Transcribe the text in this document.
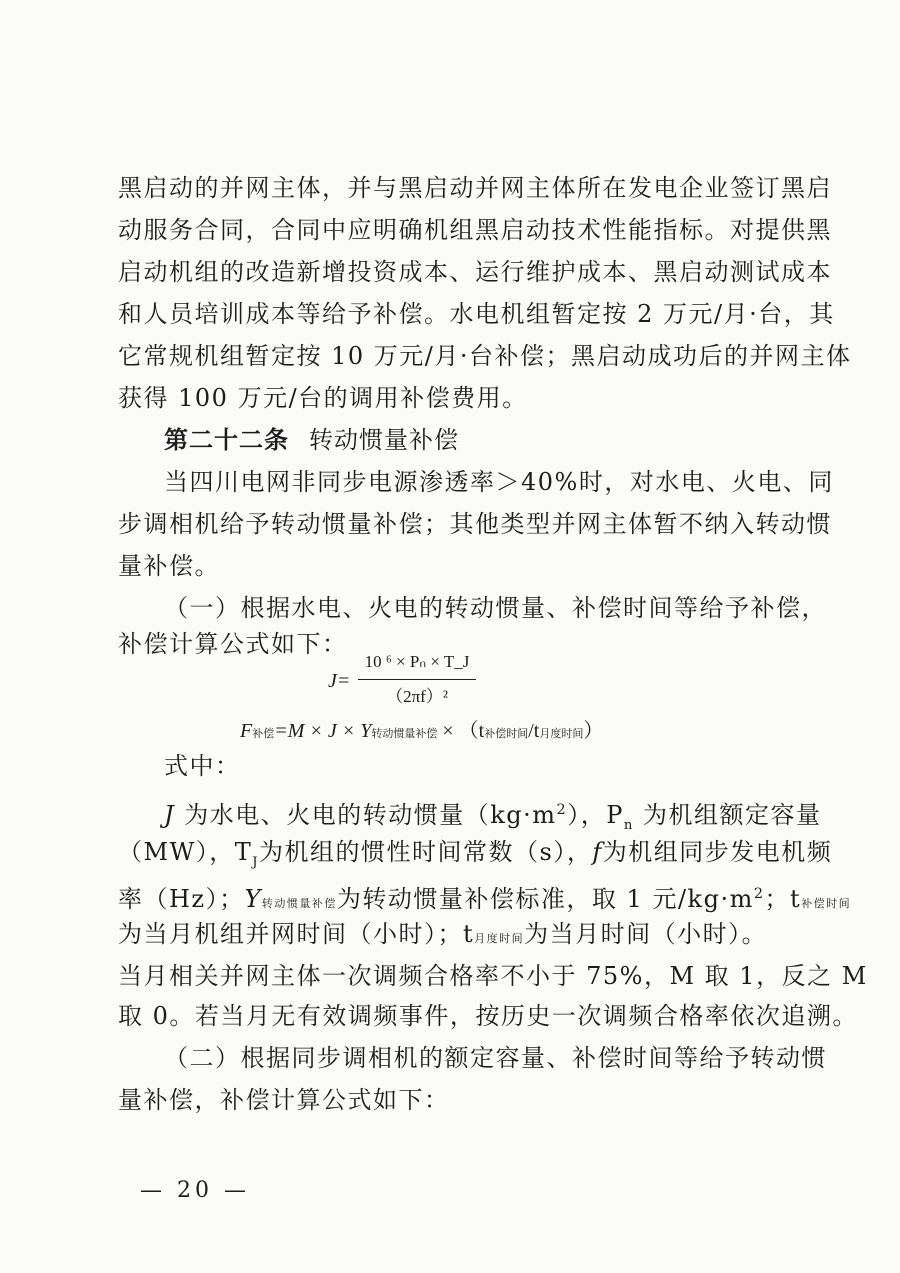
黑启动的并网主体，并与黑启动并网主体所在发电企业签订黑启
动服务合同，合同中应明确机组黑启动技术性能指标。对提供黑
启动机组的改造新增投资成本、运行维护成本、黑启动测试成本
和人员培训成本等给予补偿。水电机组暂定按 2 万元/月·台，其
它常规机组暂定按 10 万元/月·台补偿；黑启动成功后的并网主体
获得 100 万元/台的调用补偿费用。
第二十二条 转动惯量补偿
当四川电网非同步电源渗透率＞40%时，对水电、火电、同
步调相机给予转动惯量补偿；其他类型并网主体暂不纳入转动惯
量补偿。
（一）根据水电、火电的转动惯量、补偿时间等给予补偿，
补偿计算公式如下：
J=
10 ⁶ × Pₙ × T_J
（2πf）²
F补偿=M × J × Y转动惯量补偿 × （t补偿时间/t月度时间）
式中：
J 为水电、火电的转动惯量$(kg\cdot m^2)$，$P_n$ 为机组额定容量
（MW），$T_J$为机组的惯性时间常数（s），f为机组同步发电机频
率（Hz）；Y转动惯量补偿为转动惯量补偿标准，取 1 元$/kg\cdot m^2$；t补偿时间
为当月机组并网时间（小时）；t月度时间为当月时间（小时）。
当月相关并网主体一次调频合格率不小于 75%，M 取 1，反之 M
取 0。若当月无有效调频事件，按历史一次调频合格率依次追溯。
（二）根据同步调相机的额定容量、补偿时间等给予转动惯
量补偿，补偿计算公式如下：
— 20 —
